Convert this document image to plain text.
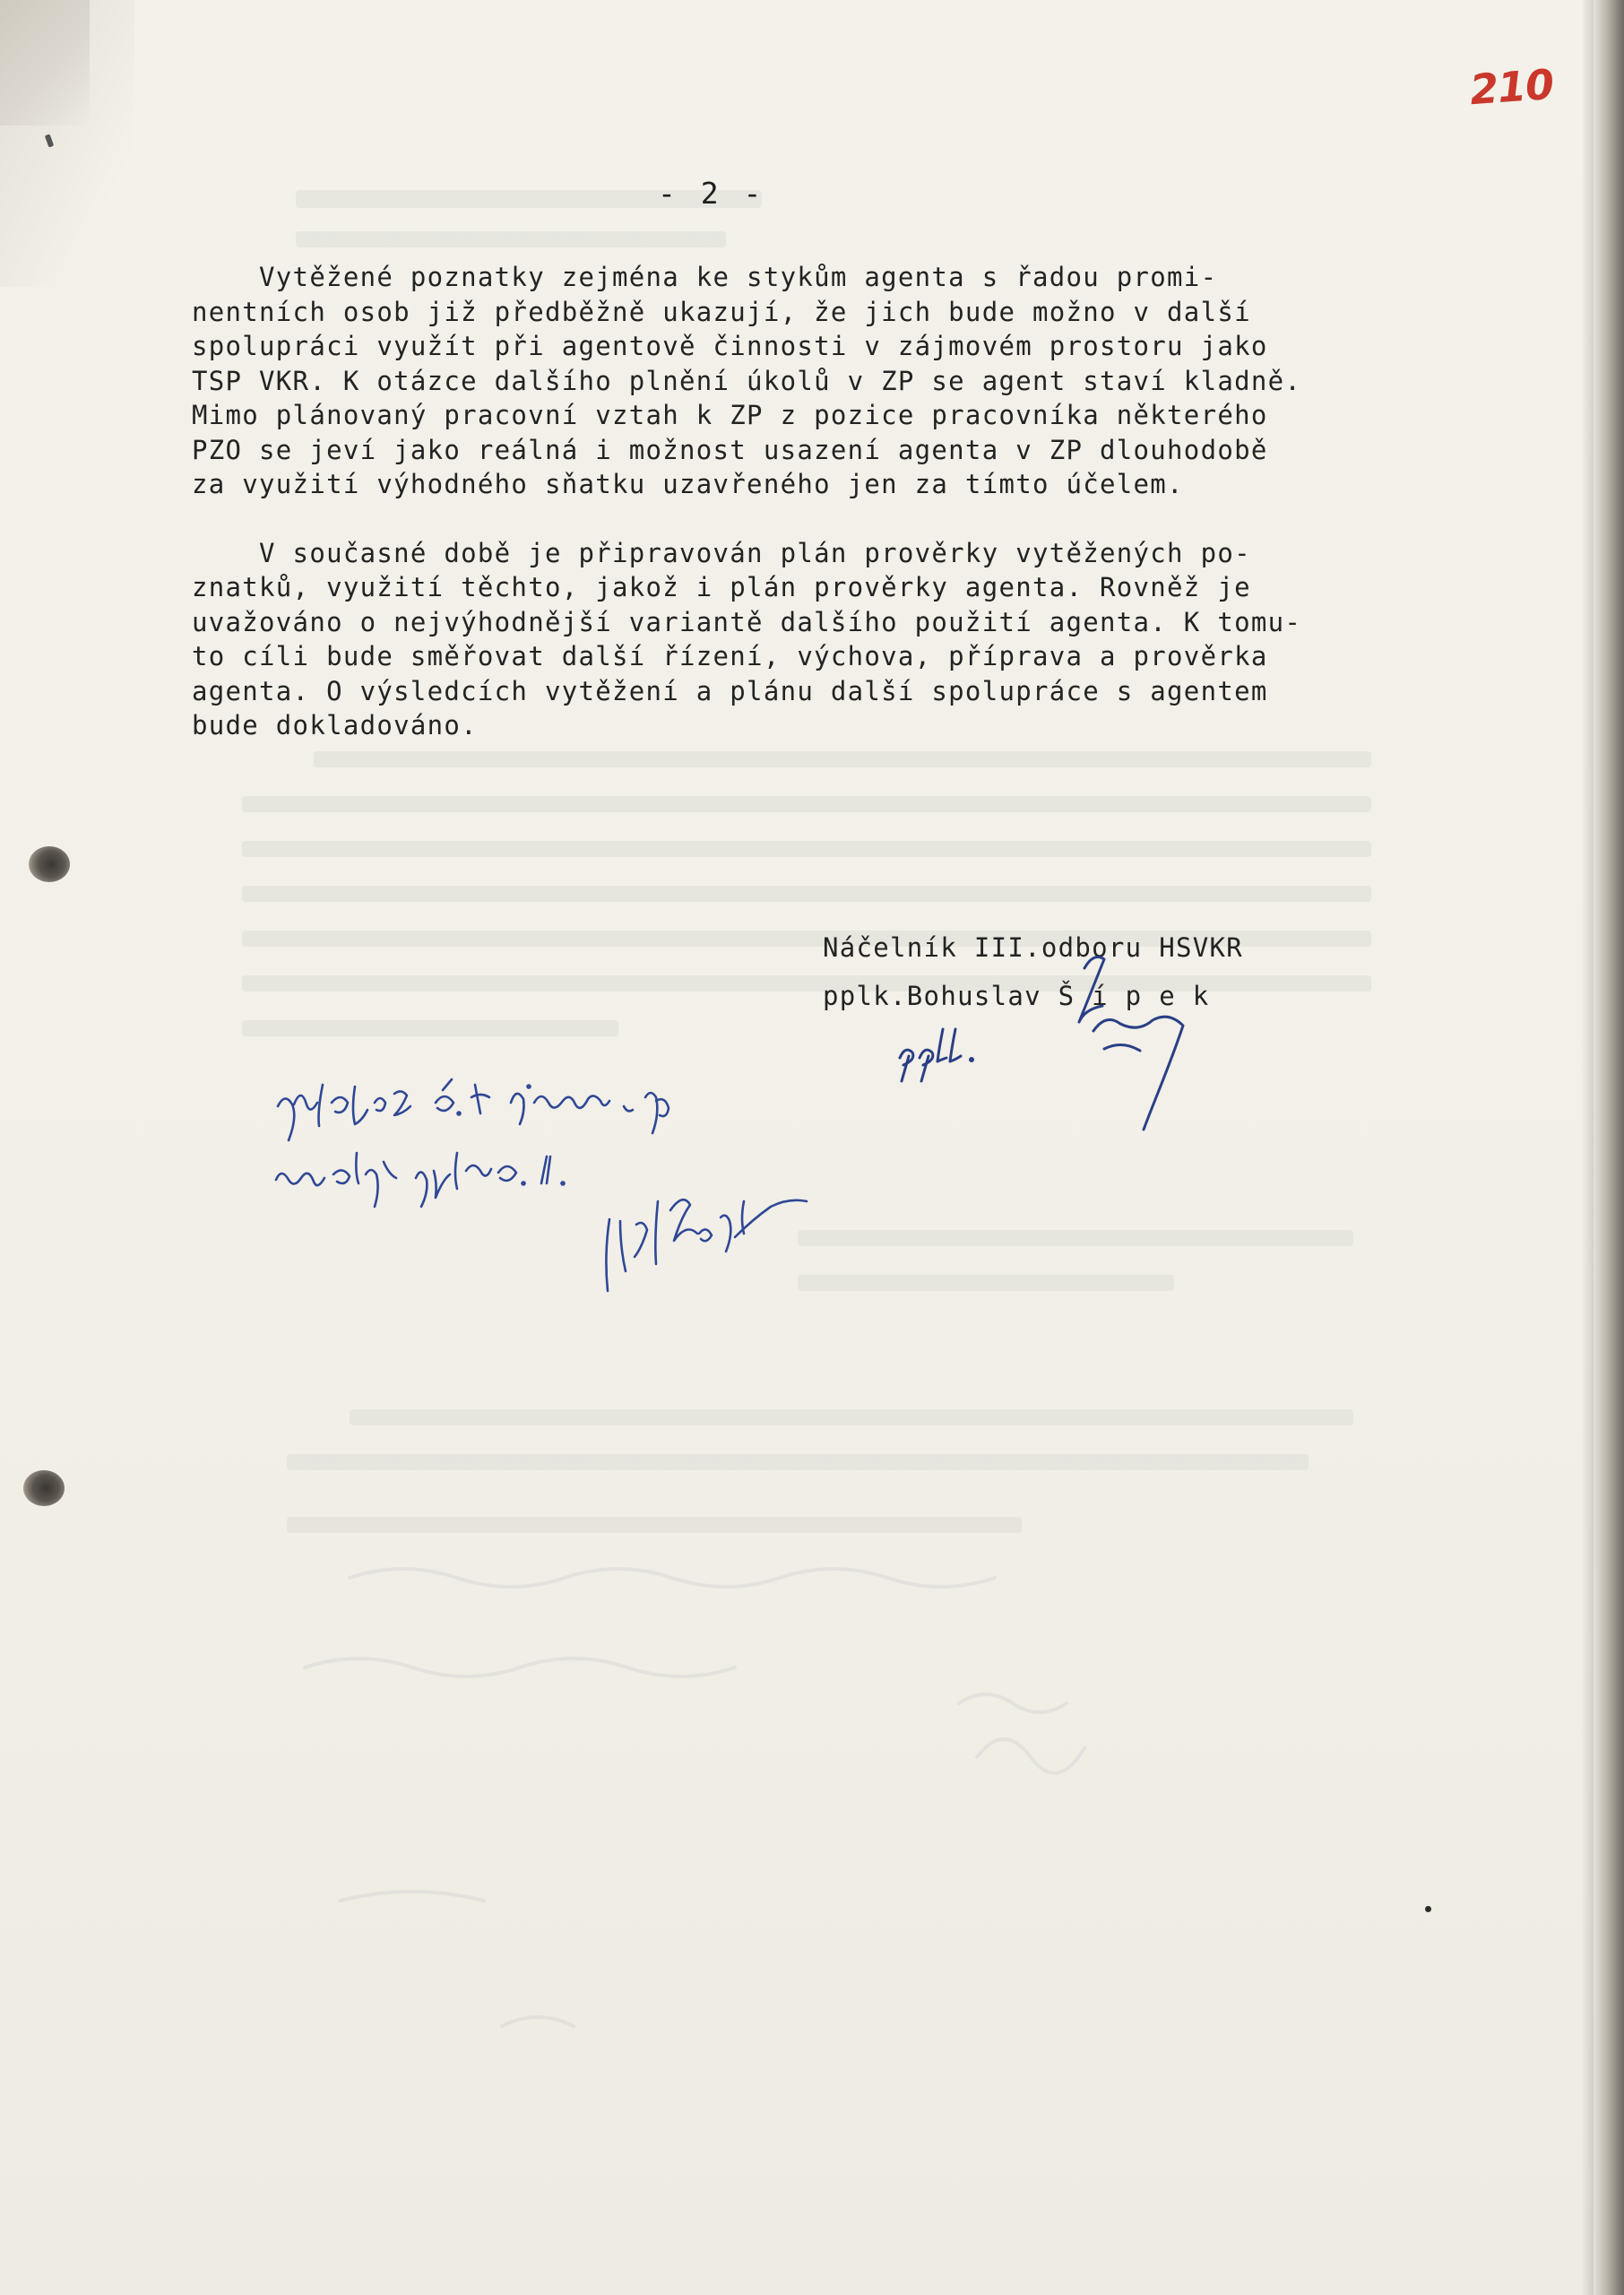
210
- 2 -

Vytěžené poznatky zejména ke stykům agenta s řadou promi-
nentních osob již předběžně ukazují, že jich bude možno v další
spolupráci využít při agentově činnosti v zájmovém prostoru jako
TSP VKR. K otázce dalšího plnění úkolů v ZP se agent staví kladně.
Mimo plánovaný pracovní vztah k ZP z pozice pracovníka některého
PZO se jeví jako reálná i možnost usazení agenta v ZP dlouhodobě
za využití výhodného sňatku uzavřeného jen za tímto účelem.

V současné době je připravován plán prověrky vytěžených po-
znatků, využití těchto, jakož i plán prověrky agenta. Rovněž je
uvažováno o nejvýhodnější variantě dalšího použití agenta. K tomu-
to cíli bude směřovat další řízení, výchova, příprava a prověrka
agenta. O výsledcích vytěžení a plánu další spolupráce s agentem
bude dokladováno.

Náčelník III.odboru HSVKR
pplk.Bohuslav Š í p e k
